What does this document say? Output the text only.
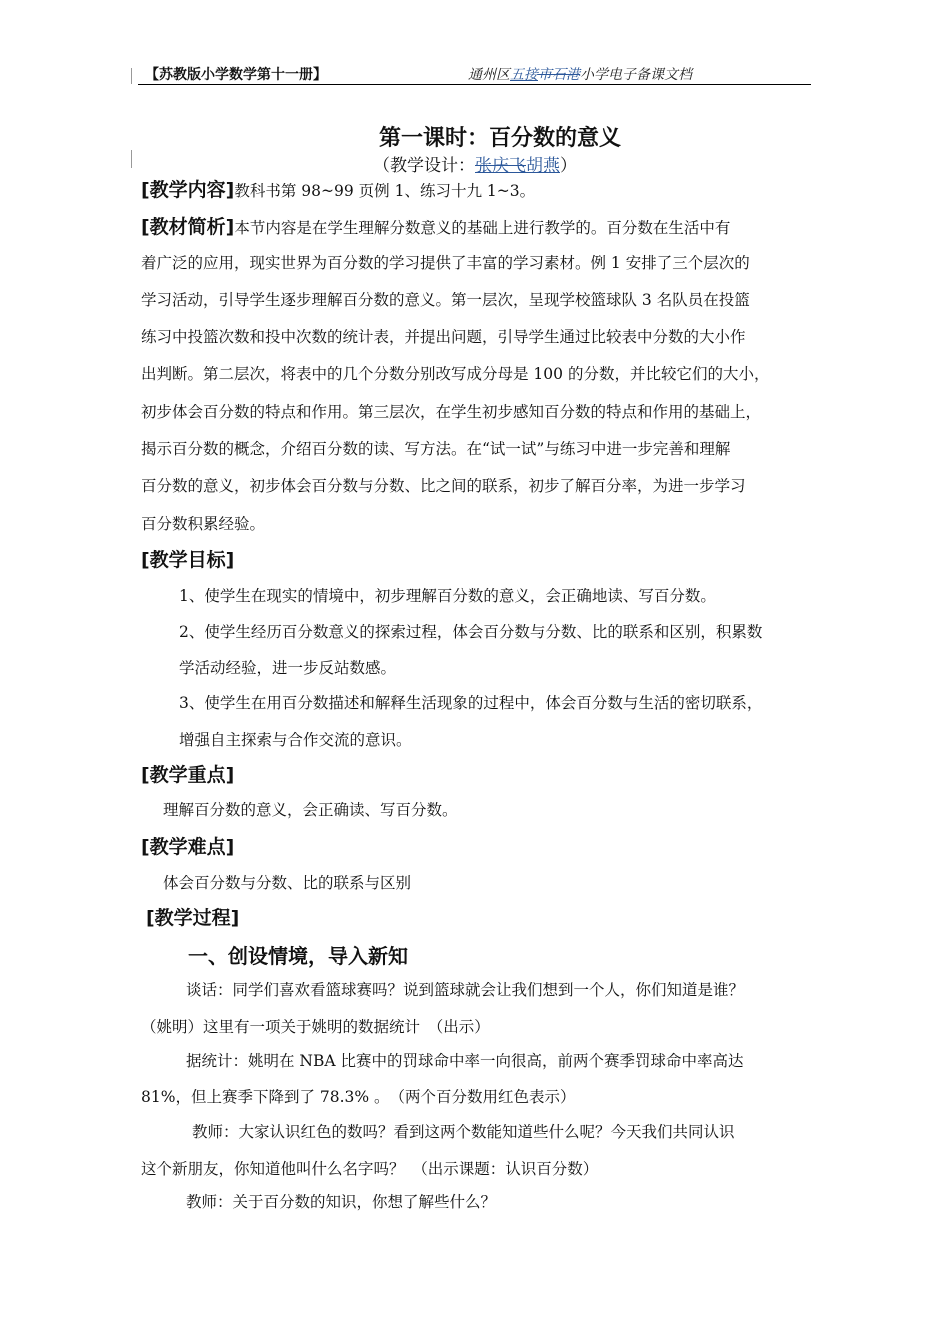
【苏教版小学数学第十一册】	通州区五接市石港小学电子备课文档
第一课时：百分数的意义
（教学设计：张庆飞胡燕）
[教学内容]教科书第 98~99 页例 1、练习十九 1~3。
[教材简析]本节内容是在学生理解分数意义的基础上进行教学的。百分数在生活中有
着广泛的应用，现实世界为百分数的学习提供了丰富的学习素材。例 1 安排了三个层次的
学习活动，引导学生逐步理解百分数的意义。第一层次，呈现学校篮球队 3 名队员在投篮
练习中投篮次数和投中次数的统计表，并提出问题，引导学生通过比较表中分数的大小作
出判断。第二层次，将表中的几个分数分别改写成分母是 100 的分数，并比较它们的大小，
初步体会百分数的特点和作用。第三层次，在学生初步感知百分数的特点和作用的基础上，
揭示百分数的概念，介绍百分数的读、写方法。在“试一试”与练习中进一步完善和理解
百分数的意义，初步体会百分数与分数、比之间的联系，初步了解百分率，为进一步学习
百分数积累经验。
[教学目标]
1、使学生在现实的情境中，初步理解百分数的意义，会正确地读、写百分数。
2、使学生经历百分数意义的探索过程，体会百分数与分数、比的联系和区别，积累数
学活动经验，进一步反站数感。
3、使学生在用百分数描述和解释生活现象的过程中，体会百分数与生活的密切联系，
增强自主探索与合作交流的意识。
[教学重点]
理解百分数的意义，会正确读、写百分数。
[教学难点]
体会百分数与分数、比的联系与区别
[教学过程]
一、创设情境，导入新知
谈话：同学们喜欢看篮球赛吗？说到篮球就会让我们想到一个人，你们知道是谁？
（姚明）这里有一项关于姚明的数据统计　（出示）
据统计：姚明在 NBA 比赛中的罚球命中率一向很高，前两个赛季罚球命中率高达
81%，但上赛季下降到了 78.3% 。　（两个百分数用红色表示）
教师：大家认识红色的数吗？看到这两个数能知道些什么呢？今天我们共同认识
这个新朋友，你知道他叫什么名字吗？　（出示课题：认识百分数）
教师：关于百分数的知识，你想了解些什么？
